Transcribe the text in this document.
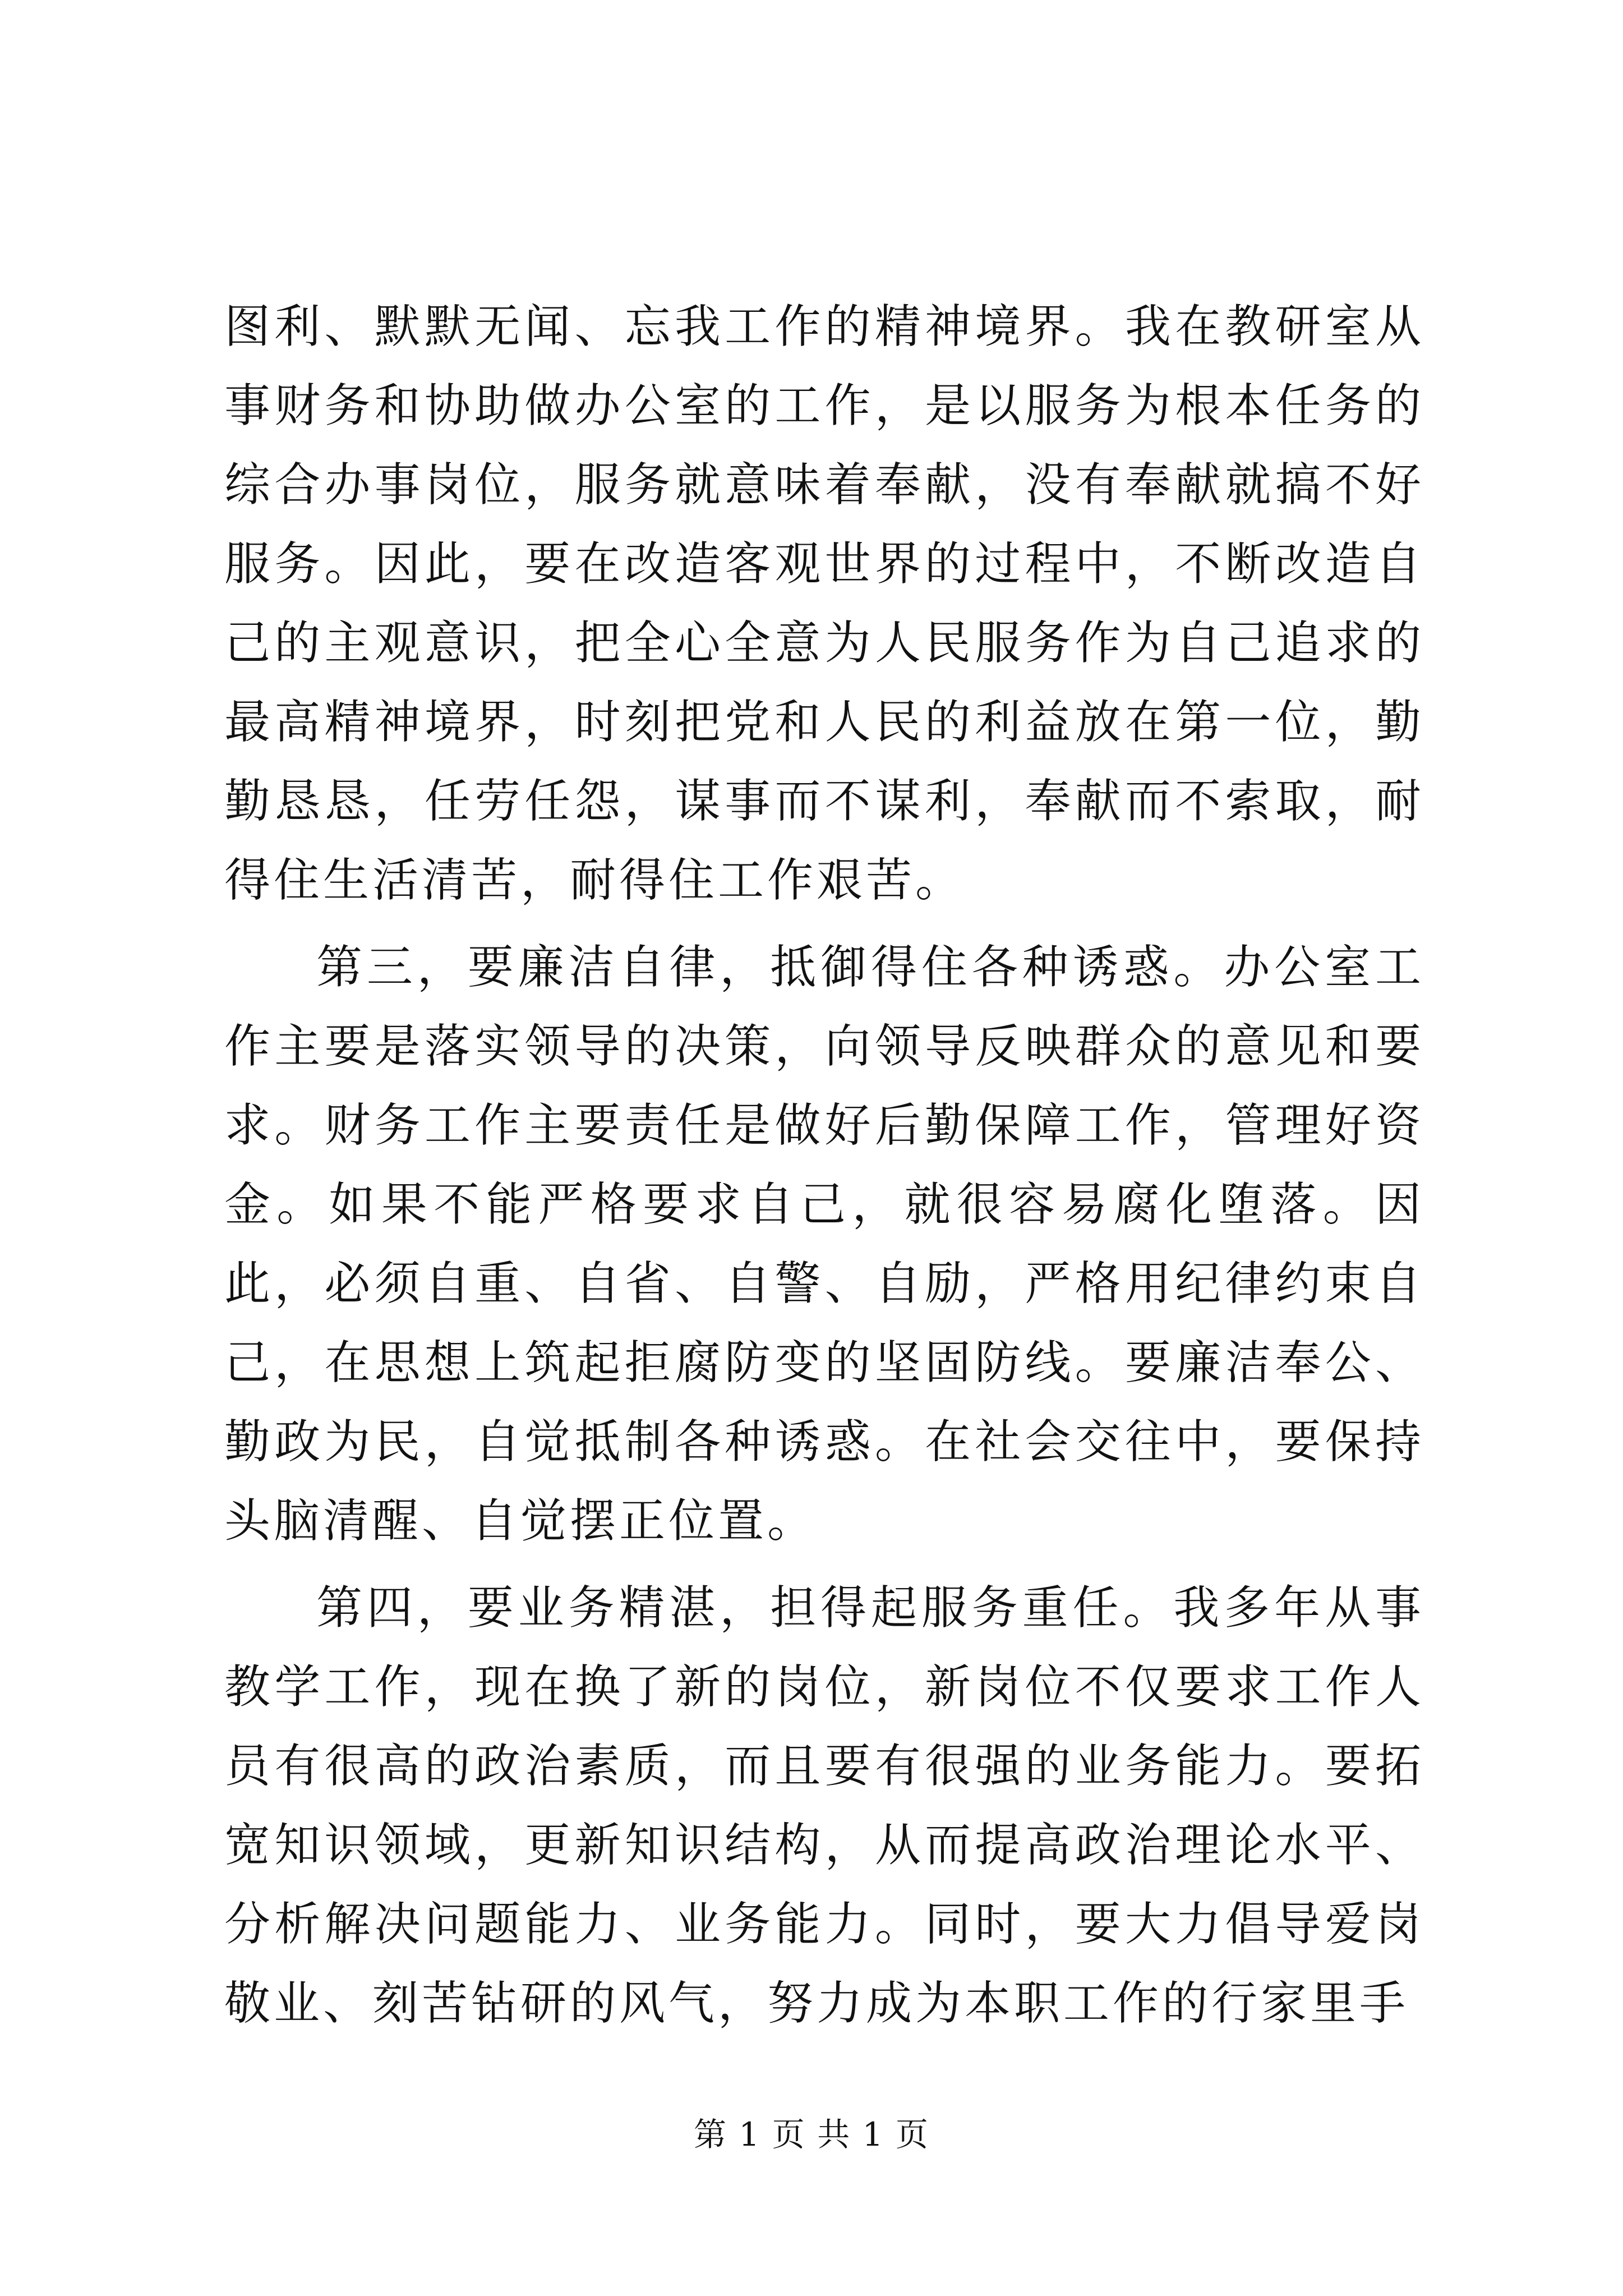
图利、默默无闻、忘我工作的精神境界。我在教研室从事财务和协助做办公室的工作，是以服务为根本任务的综合办事岗位，服务就意味着奉献，没有奉献就搞不好服务。因此，要在改造客观世界的过程中，不断改造自己的主观意识，把全心全意为人民服务作为自己追求的最高精神境界，时刻把党和人民的利益放在第一位，勤勤恳恳，任劳任怨，谋事而不谋利，奉献而不索取，耐得住生活清苦，耐得住工作艰苦。

第三，要廉洁自律，抵御得住各种诱惑。办公室工作主要是落实领导的决策，向领导反映群众的意见和要求。财务工作主要责任是做好后勤保障工作，管理好资金。如果不能严格要求自己，就很容易腐化堕落。因此，必须自重、自省、自警、自励，严格用纪律约束自己，在思想上筑起拒腐防变的坚固防线。要廉洁奉公、勤政为民，自觉抵制各种诱惑。在社会交往中，要保持头脑清醒、自觉摆正位置。

第四，要业务精湛，担得起服务重任。我多年从事教学工作，现在换了新的岗位，新岗位不仅要求工作人员有很高的政治素质，而且要有很强的业务能力。要拓宽知识领域，更新知识结构，从而提高政治理论水平、分析解决问题能力、业务能力。同时，要大力倡导爱岗敬业、刻苦钻研的风气，努力成为本职工作的行家里手

第 1 页 共 1 页
